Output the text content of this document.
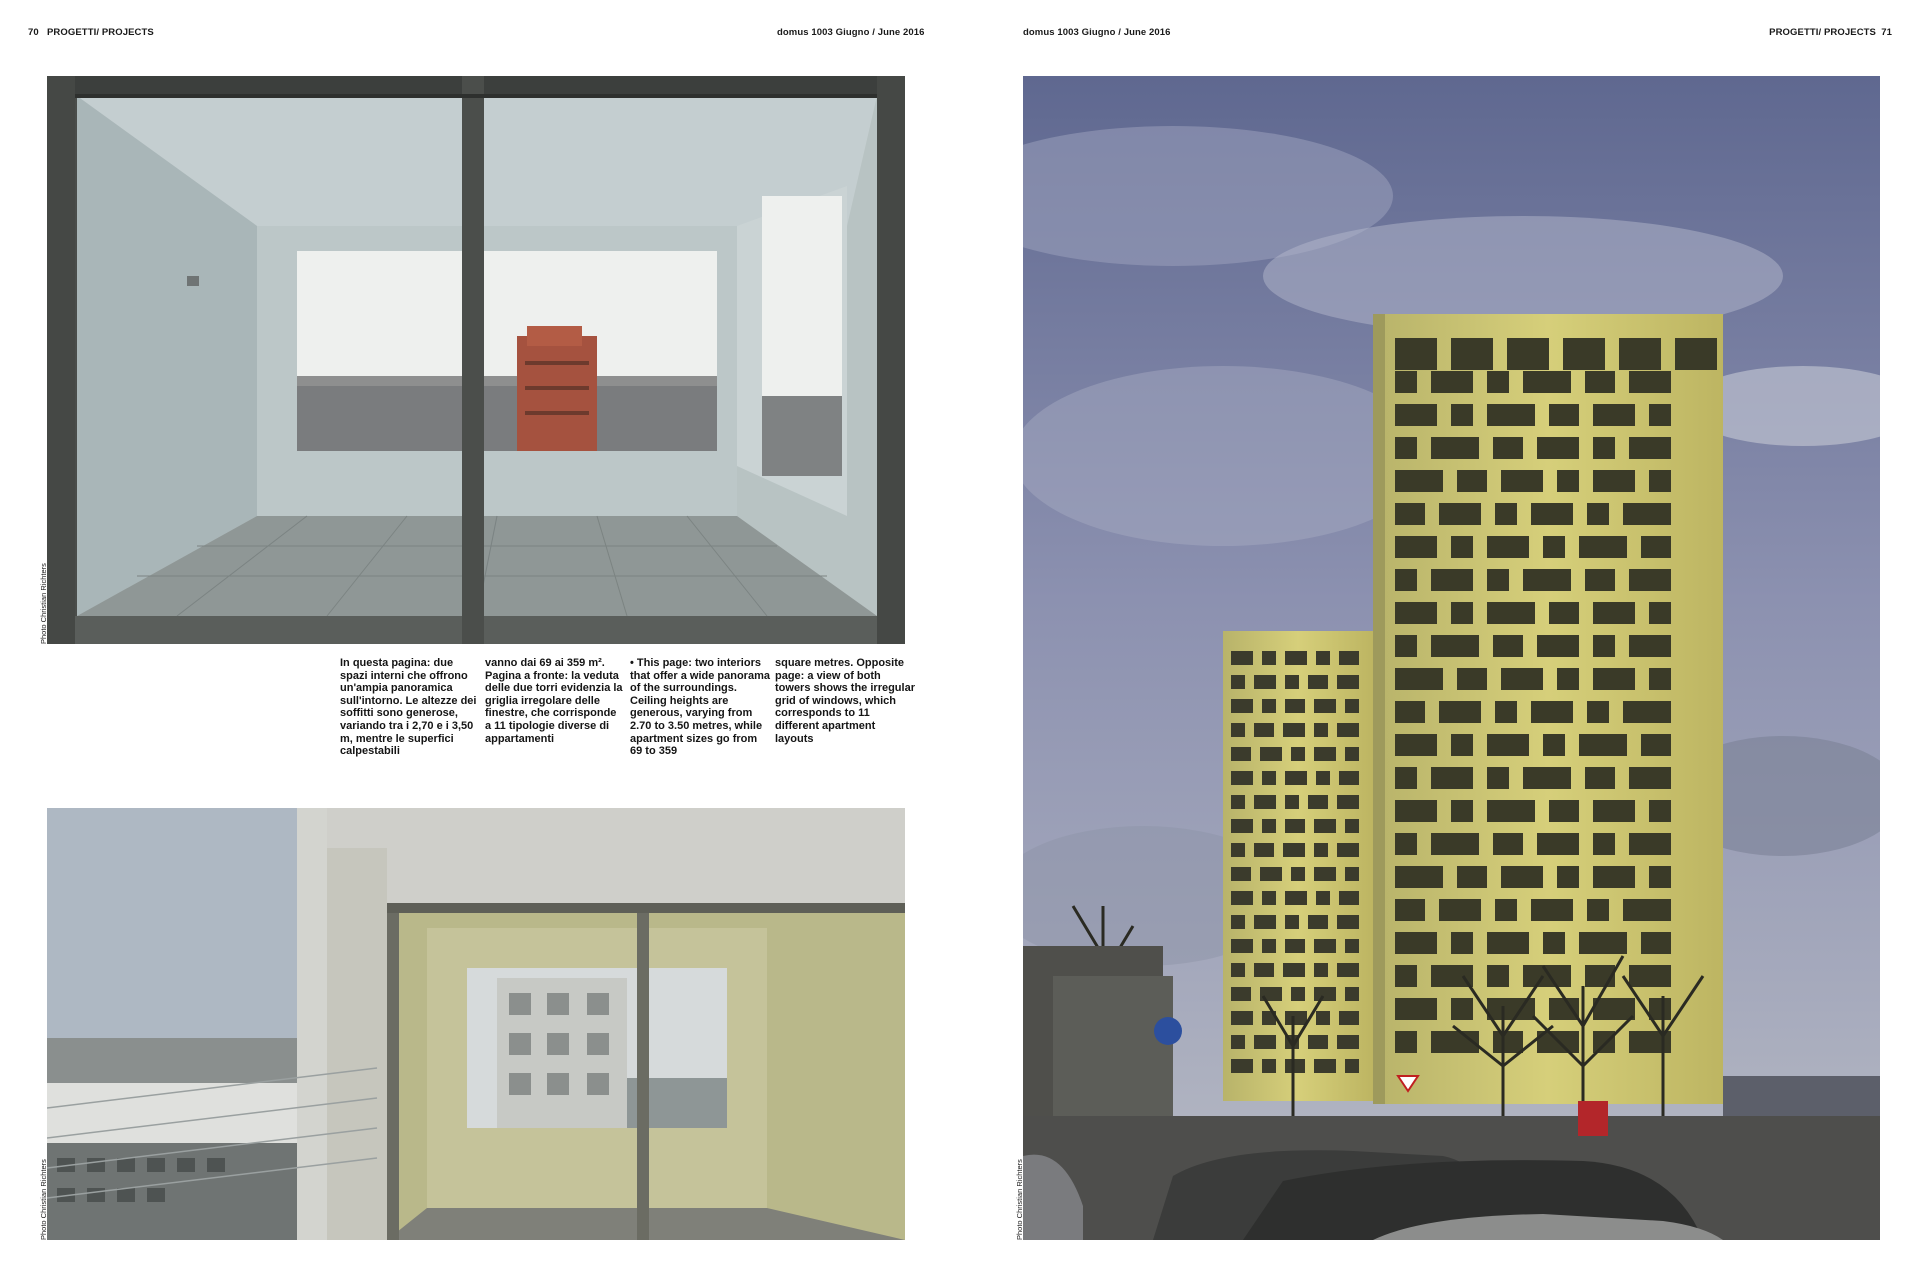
70 PROGETTI/ PROJECTS	domus 1003 Giugno / June 2016	domus 1003 Giugno / June 2016	PROGETTI/ PROJECTS 71
Photo Christian Richters
In questa pagina: due spazi interni che offrono un'ampia panoramica sull'intorno. Le altezze dei soffitti sono generose, variando tra i 2,70 e i 3,50 m, mentre le superfici calpestabili
vanno dai 69 ai 359 m². Pagina a fronte: la veduta delle due torri evidenzia la griglia irregolare delle finestre, che corrisponde a 11 tipologie diverse di appartamenti
• This page: two interiors that offer a wide panorama of the surroundings. Ceiling heights are generous, varying from 2.70 to 3.50 metres, while apartment sizes go from 69 to 359
square metres. Opposite page: a view of both towers shows the irregular grid of windows, which corresponds to 11 different apartment layouts
Photo Christian Richters	Photo Christian Richters
